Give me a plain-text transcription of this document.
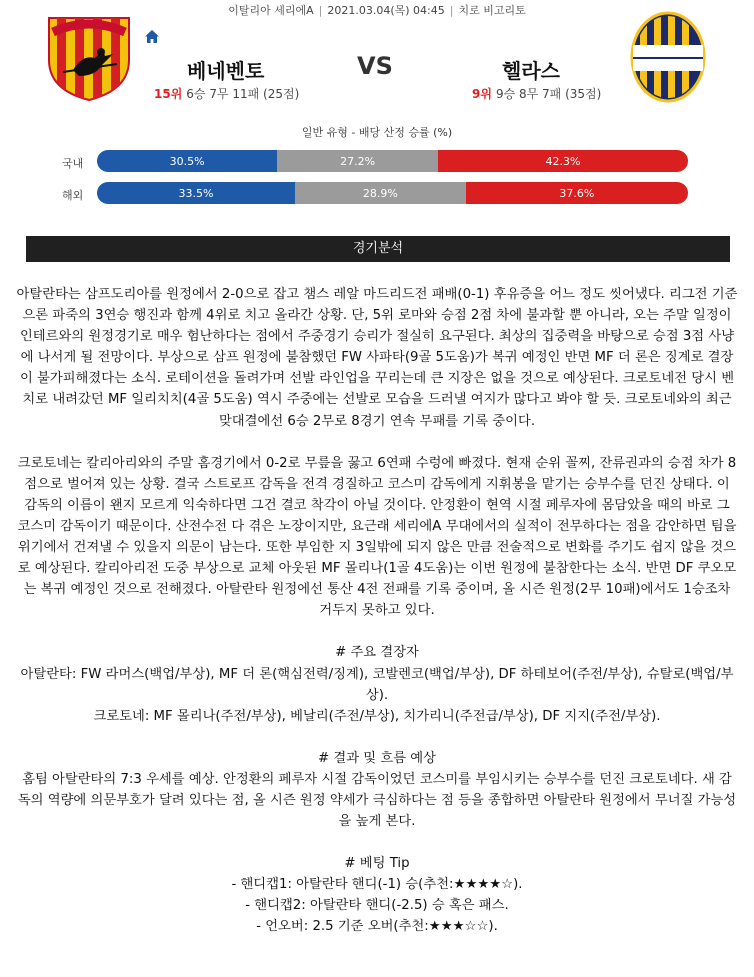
이탈리아 세리에A | 2021.03.04(목) 04:45 | 치로 비고리토
베네벤토	VS	헬라스
15위 6승 7무 11패 (25점)	9위 9승 8무 7패 (35점)
일반 유형 - 배당 산정 승률 (%)
국내	30.5%	27.2%	42.3%
해외	33.5%	28.9%	37.6%
경기분석

아탈란타는 삼프도리아를 원정에서 2-0으로 잡고 챔스 레알 마드리드전 패배(0-1) 후유증을 어느 정도 씻어냈다. 리그전 기준으론 파죽의 3연승 행진과 함께 4위로 치고 올라간 상황. 단, 5위 로마와 승점 2점 차에 불과할 뿐 아니라, 오는 주말 일정이 인테르와의 원정경기로 매우 험난하다는 점에서 주중경기 승리가 절실히 요구된다. 최상의 집중력을 바탕으로 승점 3점 사냥에 나서게 될 전망이다. 부상으로 삼프 원정에 불참했던 FW 사파타(9골 5도움)가 복귀 예정인 반면 MF 더 론은 징계로 결장이 불가피해졌다는 소식. 로테이션을 돌려가며 선발 라인업을 꾸리는데 큰 지장은 없을 것으로 예상된다. 크로토네전 당시 벤치로 내려갔던 MF 일리치치(4골 5도움) 역시 주중에는 선발로 모습을 드러낼 여지가 많다고 봐야 할 듯. 크로토네와의 최근 맞대결에선 6승 2무로 8경기 연속 무패를 기록 중이다.

크로토네는 칼리아리와의 주말 홈경기에서 0-2로 무릎을 꿇고 6연패 수렁에 빠졌다. 현재 순위 꼴찌, 잔류권과의 승점 차가 8점으로 벌어져 있는 상황. 결국 스트로프 감독을 전격 경질하고 코스미 감독에게 지휘봉을 맡기는 승부수를 던진 상태다. 이 감독의 이름이 왠지 모르게 익숙하다면 그건 결코 착각이 아닐 것이다. 안정환이 현역 시절 페루자에 몸담았을 때의 바로 그 코스미 감독이기 때문이다. 산전수전 다 겪은 노장이지만, 요근래 세리에A 무대에서의 실적이 전무하다는 점을 감안하면 팀을 위기에서 건져낼 수 있을지 의문이 남는다. 또한 부임한 지 3일밖에 되지 않은 만큼 전술적으로 변화를 주기도 쉽지 않을 것으로 예상된다. 칼리아리전 도중 부상으로 교체 아웃된 MF 몰리나(1골 4도움)는 이번 원정에 불참한다는 소식. 반면 DF 쿠오모는 복귀 예정인 것으로 전해졌다. 아탈란타 원정에선 통산 4전 전패를 기록 중이며, 올 시즌 원정(2무 10패)에서도 1승조차 거두지 못하고 있다.

# 주요 결장자

아탈란타: FW 라머스(백업/부상), MF 더 론(핵심전력/징계), 코발렌코(백업/부상), DF 하테보어(주전/부상), 슈탈로(백업/부상).

크로토네: MF 몰리나(주전/부상), 베날리(주전/부상), 치가리니(주전급/부상), DF 지지(주전/부상).

# 결과 및 흐름 예상

홈팀 아탈란타의 7:3 우세를 예상. 안정환의 페루자 시절 감독이었던 코스미를 부임시키는 승부수를 던진 크로토네다. 새 감독의 역량에 의문부호가 달려 있다는 점, 올 시즌 원정 약세가 극심하다는 점 등을 종합하면 아탈란타 원정에서 무너질 가능성을 높게 본다.

# 베팅 Tip

- 핸디캡1: 아탈란타 핸디(-1) 승(추천:★★★★☆).

- 핸디캡2: 아탈란타 핸디(-2.5) 승 혹은 패스.

- 언오버: 2.5 기준 오버(추천:★★★☆☆).
